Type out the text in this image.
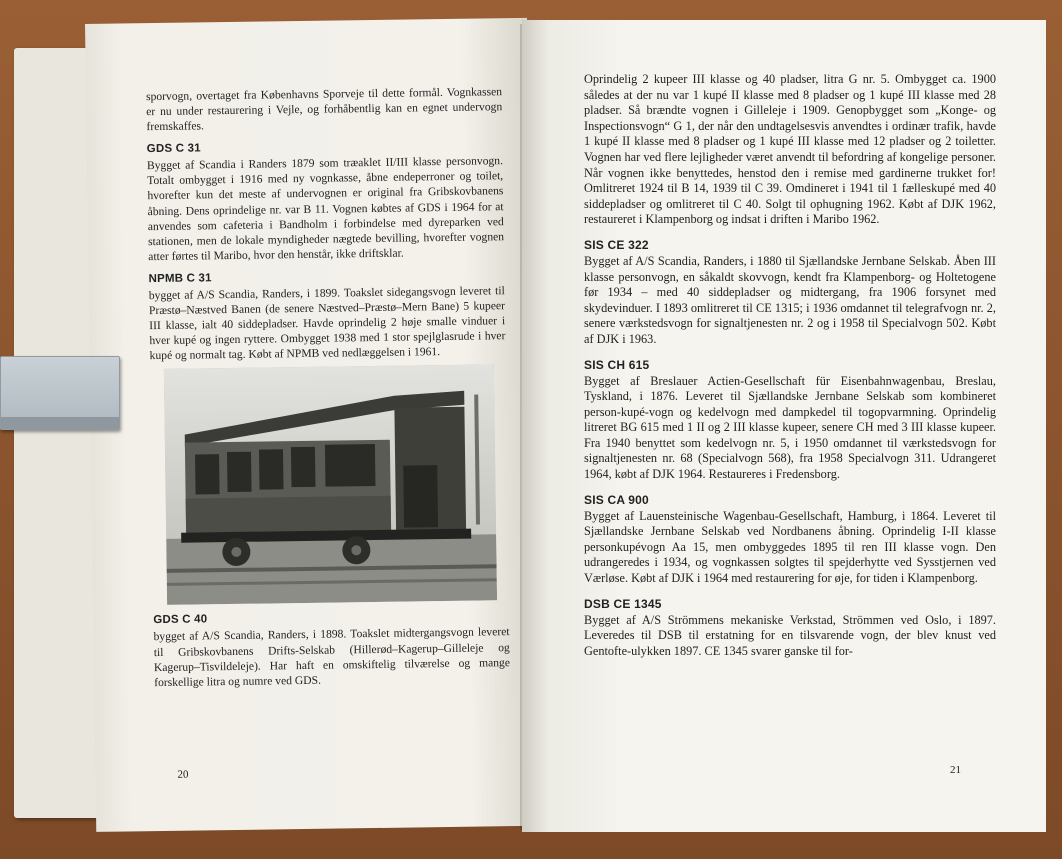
sporvogn, overtaget fra Københavns Sporveje til dette formål. Vognkassen er nu under restaurering i Vejle, og forhåbentlig kan en egnet undervogn fremskaffes.

GDS C 31

Bygget af Scandia i Randers 1879 som træaklet II/III klasse personvogn. Totalt ombygget i 1916 med ny vognkasse, åbne endeperroner og toilet, hvorefter kun det meste af undervognen er original fra Gribskovbanens åbning. Dens oprindelige nr. var B 11. Vognen købtes af GDS i 1964 for at anvendes som cafeteria i Bandholm i forbindelse med dyreparken ved stationen, men de lokale myndigheder nægtede bevilling, hvorefter vognen atter førtes til Maribo, hvor den henstår, ikke driftsklar.

NPMB C 31

bygget af A/S Scandia, Randers, i 1899. Toakslet sidegangsvogn leveret til Præstø–Næstved Banen (de senere Næstved–Præstø–Mern Bane) 5 kupeer III klasse, ialt 40 siddepladser. Havde oprindelig 2 høje smalle vinduer i hver kupé og ingen ryttere. Ombygget 1938 med 1 stor spejlglasrude i hver kupé og normalt tag. Købt af NPMB ved nedlæggelsen i 1961.

GDS C 40

bygget af A/S Scandia, Randers, i 1898. Toakslet midtergangsvogn leveret til Gribskovbanens Drifts-Selskab (Hillerød–Kagerup–Gilleleje og Kagerup–Tisvildeleje). Har haft en omskiftelig tilværelse og mange forskellige litra og numre ved GDS.

20

Oprindelig 2 kupeer III klasse og 40 pladser, litra G nr. 5. Ombygget ca. 1900 således at der nu var 1 kupé II klasse med 8 pladser og 1 kupé III klasse med 28 pladser. Så brændte vognen i Gilleleje i 1909. Genopbygget som „Konge- og Inspectionsvogn“ G 1, der når den undtagelsesvis anvendtes i ordinær trafik, havde 1 kupé II klasse med 8 pladser og 1 kupé III klasse med 12 pladser og 2 toiletter. Vognen har ved flere lejligheder været anvendt til befordring af kongelige personer. Når vognen ikke benyttedes, henstod den i remise med gardinerne trukket for! Omlitreret 1924 til B 14, 1939 til C 39. Omdineret i 1941 til 1 fælleskupé med 40 siddepladser og omlitreret til C 40. Solgt til ophugning 1962. Købt af DJK 1962, restaureret i Klampenborg og indsat i driften i Maribo 1962.

SIS CE 322

Bygget af A/S Scandia, Randers, i 1880 til Sjællandske Jernbane Selskab. Åben III klasse personvogn, en såkaldt skovvogn, kendt fra Klampenborg- og Holtetogene før 1934 – med 40 siddepladser og midtergang, fra 1906 forsynet med skydevinduer. I 1893 omlitreret til CE 1315; i 1936 omdannet til telegrafvogn nr. 2, senere værkstedsvogn for signaltjenesten nr. 2 og i 1958 til Specialvogn 502. Købt af DJK i 1963.

SIS CH 615

Bygget af Breslauer Actien-Gesellschaft für Eisenbahnwagenbau, Breslau, Tyskland, i 1876. Leveret til Sjællandske Jernbane Selskab som kombineret person-kupé-vogn og kedelvogn med dampkedel til togopvarmning. Oprindelig litreret BG 615 med 1 II og 2 III klasse kupeer, senere CH med 3 III klasse kupeer. Fra 1940 benyttet som kedelvogn nr. 5, i 1950 omdannet til værkstedsvogn for signaltjenesten nr. 68 (Specialvogn 568), fra 1958 Specialvogn 311. Udrangeret 1964, købt af DJK 1964. Restaureres i Fredensborg.

SIS CA 900

Bygget af Lauensteinische Wagenbau-Gesellschaft, Hamburg, i 1864. Leveret til Sjællandske Jernbane Selskab ved Nordbanens åbning. Oprindelig I-II klasse personkupévogn Aa 15, men ombyggedes 1895 til ren III klasse vogn. Den udrangeredes i 1934, og vognkassen solgtes til spejderhytte ved Sysstjernen ved Værløse. Købt af DJK i 1964 med restaurering for øje, for tiden i Klampenborg.

DSB CE 1345

Bygget af A/S Strömmens mekaniske Verkstad, Strömmen ved Oslo, i 1897. Leveredes til DSB til erstatning for en tilsvarende vogn, der blev knust ved Gentofte-ulykken 1897. CE 1345 svarer ganske til for-

21
